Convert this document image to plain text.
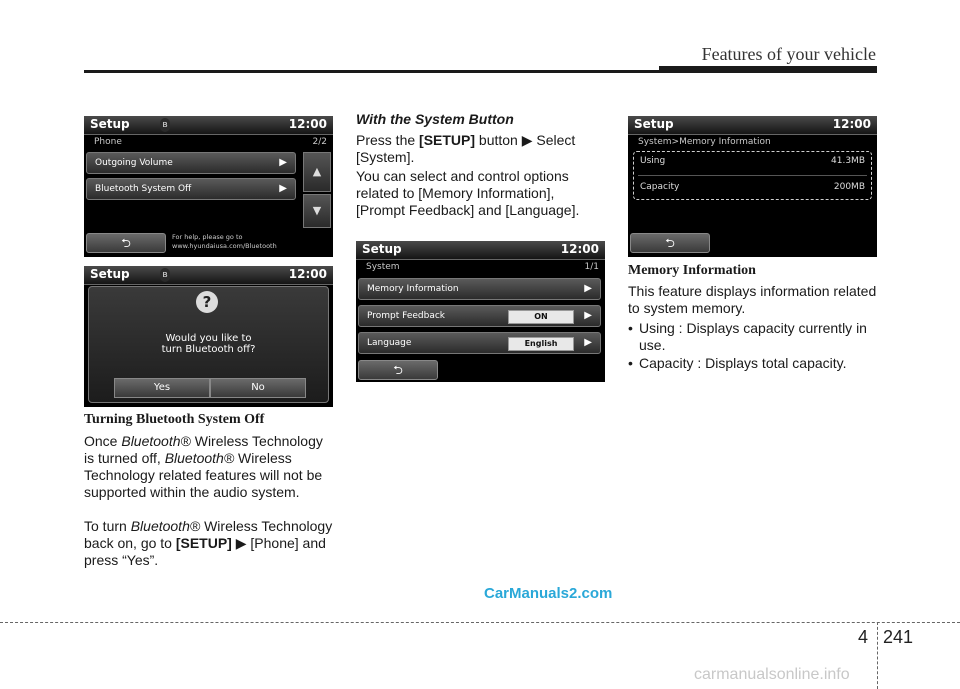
Features of your vehicle
Setup	ʙ	12:00
Phone	2/2
Outgoing Volume	▶
Bluetooth System Off	▶
▲
▼
⮌	For help, please go to
www.hyundaiusa.com/Bluetooth
Setup	ʙ	12:00
?
Would you like to
turn Bluetooth off?
Yes	No
Turning Bluetooth System Off
Once Bluetooth® Wireless Technology is turned off, Bluetooth® Wireless Technology related features will not be supported within the audio system.
To turn Bluetooth® Wireless Technology back on, go to [SETUP] ▶ [Phone] and press “Yes”.
With the System Button
Press the [SETUP] button ▶ Select [System].
You can select and control options related to [Memory Information], [Prompt Feedback] and [Language].
Setup	12:00
System	1/1
Memory Information	▶
Prompt Feedback	ON	▶
Language	English	▶
⮌
Setup	12:00
System>Memory Information
Using	41.3MB
Capacity	200MB
⮌
Memory Information
This feature displays information related to system memory.
• Using : Displays capacity currently in use.
• Capacity : Displays total capacity.
CarManuals2.com
4 241
carmanualsonline.info
